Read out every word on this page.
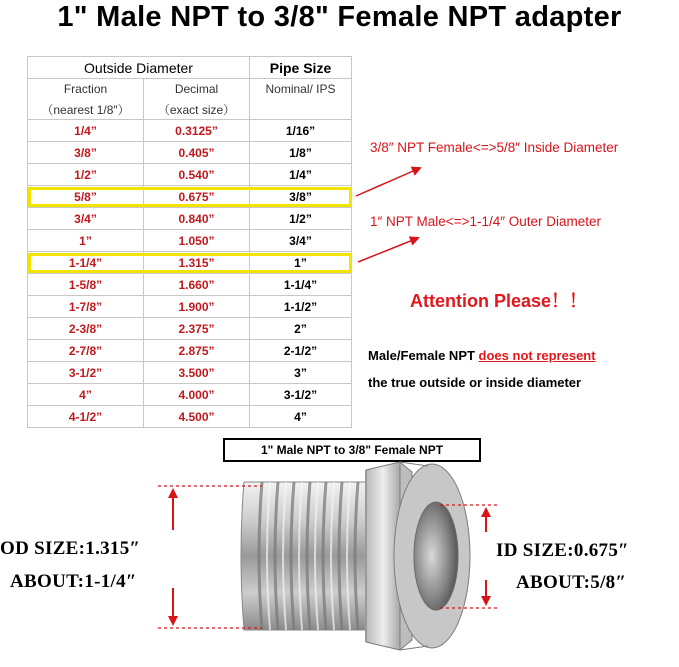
1" Male NPT to 3/8" Female NPT adapter
Outside Diameter		Pipe Size
Fraction	Decimal	Nominal/ IPS
（nearest 1/8″）	（exact size）	
1/4”	0.3125”	1/16”
3/8”	0.405”	1/8”
1/2”	0.540”	1/4”
5/8”	0.675”	3/8”
3/4”	0.840”	1/2”
1”	1.050”	3/4”
1-1/4”	1.315”	1”
1-5/8”	1.660”	1-1/4”
1-7/8”	1.900”	1-1/2”
2-3/8”	2.375”	2”
2-7/8”	2.875”	2-1/2”
3-1/2”	3.500”	3”
4”	4.000”	3-1/2”
4-1/2”	4.500”	4”
3/8″ NPT Female<=>5/8″ Inside Diameter
1″ NPT Male<=>1-1/4″ Outer Diameter
Attention Please！！
Male/Female NPT does not represent
the true outside or inside diameter
1" Male NPT to 3/8" Female NPT
OD SIZE:1.315″
ABOUT:1-1/4″
ID SIZE:0.675″
ABOUT:5/8″
